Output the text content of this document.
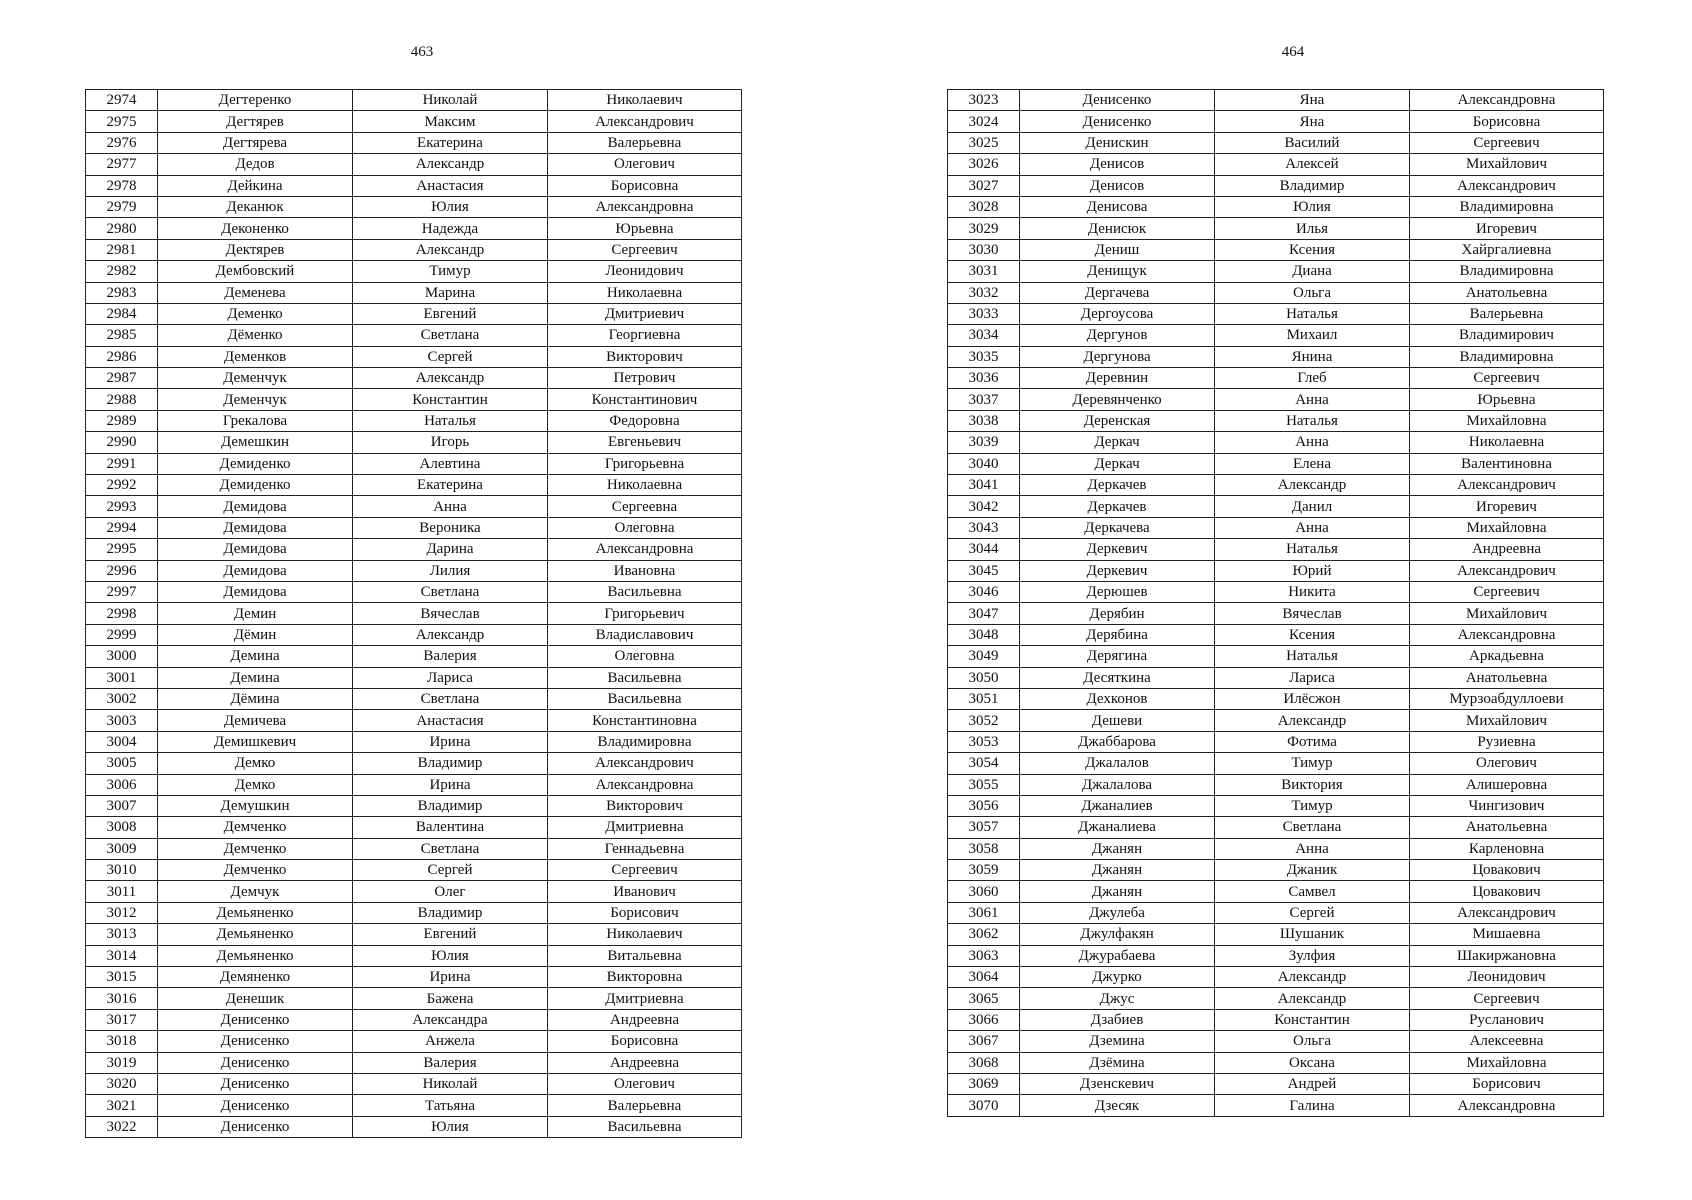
463	464
2974	Дегтеренко	Николай	Николаевич
2975	Дегтярев	Максим	Александрович
2976	Дегтярева	Екатерина	Валерьевна
2977	Дедов	Александр	Олегович
2978	Дейкина	Анастасия	Борисовна
2979	Деканюк	Юлия	Александровна
2980	Деконенко	Надежда	Юрьевна
2981	Дектярев	Александр	Сергеевич
2982	Дембовский	Тимур	Леонидович
2983	Деменева	Марина	Николаевна
2984	Деменко	Евгений	Дмитриевич
2985	Дёменко	Светлана	Георгиевна
2986	Деменков	Сергей	Викторович
2987	Деменчук	Александр	Петрович
2988	Деменчук	Константин	Константинович
2989	Грекалова	Наталья	Федоровна
2990	Демешкин	Игорь	Евгеньевич
2991	Демиденко	Алевтина	Григорьевна
2992	Демиденко	Екатерина	Николаевна
2993	Демидова	Анна	Сергеевна
2994	Демидова	Вероника	Олеговна
2995	Демидова	Дарина	Александровна
2996	Демидова	Лилия	Ивановна
2997	Демидова	Светлана	Васильевна
2998	Демин	Вячеслав	Григорьевич
2999	Дёмин	Александр	Владиславович
3000	Демина	Валерия	Олеговна
3001	Демина	Лариса	Васильевна
3002	Дёмина	Светлана	Васильевна
3003	Демичева	Анастасия	Константиновна
3004	Демишкевич	Ирина	Владимировна
3005	Демко	Владимир	Александрович
3006	Демко	Ирина	Александровна
3007	Демушкин	Владимир	Викторович
3008	Демченко	Валентина	Дмитриевна
3009	Демченко	Светлана	Геннадьевна
3010	Демченко	Сергей	Сергеевич
3011	Демчук	Олег	Иванович
3012	Демьяненко	Владимир	Борисович
3013	Демьяненко	Евгений	Николаевич
3014	Демьяненко	Юлия	Витальевна
3015	Демяненко	Ирина	Викторовна
3016	Денешик	Бажена	Дмитриевна
3017	Денисенко	Александра	Андреевна
3018	Денисенко	Анжела	Борисовна
3019	Денисенко	Валерия	Андреевна
3020	Денисенко	Николай	Олегович
3021	Денисенко	Татьяна	Валерьевна
3022	Денисенко	Юлия	Васильевна
3023	Денисенко	Яна	Александровна
3024	Денисенко	Яна	Борисовна
3025	Денискин	Василий	Сергеевич
3026	Денисов	Алексей	Михайлович
3027	Денисов	Владимир	Александрович
3028	Денисова	Юлия	Владимировна
3029	Денисюк	Илья	Игоревич
3030	Дениш	Ксения	Хайргалиевна
3031	Денищук	Диана	Владимировна
3032	Дергачева	Ольга	Анатольевна
3033	Дергоусова	Наталья	Валерьевна
3034	Дергунов	Михаил	Владимирович
3035	Дергунова	Янина	Владимировна
3036	Деревнин	Глеб	Сергеевич
3037	Деревянченко	Анна	Юрьевна
3038	Деренская	Наталья	Михайловна
3039	Деркач	Анна	Николаевна
3040	Деркач	Елена	Валентиновна
3041	Деркачев	Александр	Александрович
3042	Деркачев	Данил	Игоревич
3043	Деркачева	Анна	Михайловна
3044	Деркевич	Наталья	Андреевна
3045	Деркевич	Юрий	Александрович
3046	Дерюшев	Никита	Сергеевич
3047	Дерябин	Вячеслав	Михайлович
3048	Дерябина	Ксения	Александровна
3049	Дерягина	Наталья	Аркадьевна
3050	Десяткина	Лариса	Анатольевна
3051	Дехконов	Илёсжон	Мурзоабдуллоеви
3052	Дешеви	Александр	Михайлович
3053	Джаббарова	Фотима	Рузиевна
3054	Джалалов	Тимур	Олегович
3055	Джалалова	Виктория	Алишеровна
3056	Джаналиев	Тимур	Чингизович
3057	Джаналиева	Светлана	Анатольевна
3058	Джанян	Анна	Карленовна
3059	Джанян	Джаник	Цовакович
3060	Джанян	Самвел	Цовакович
3061	Джулеба	Сергей	Александрович
3062	Джулфакян	Шушаник	Мишаевна
3063	Джурабаева	Зулфия	Шакиржановна
3064	Джурко	Александр	Леонидович
3065	Джус	Александр	Сергеевич
3066	Дзабиев	Константин	Русланович
3067	Дземина	Ольга	Алексеевна
3068	Дзёмина	Оксана	Михайловна
3069	Дзенскевич	Андрей	Борисович
3070	Дзесяк	Галина	Александровна
